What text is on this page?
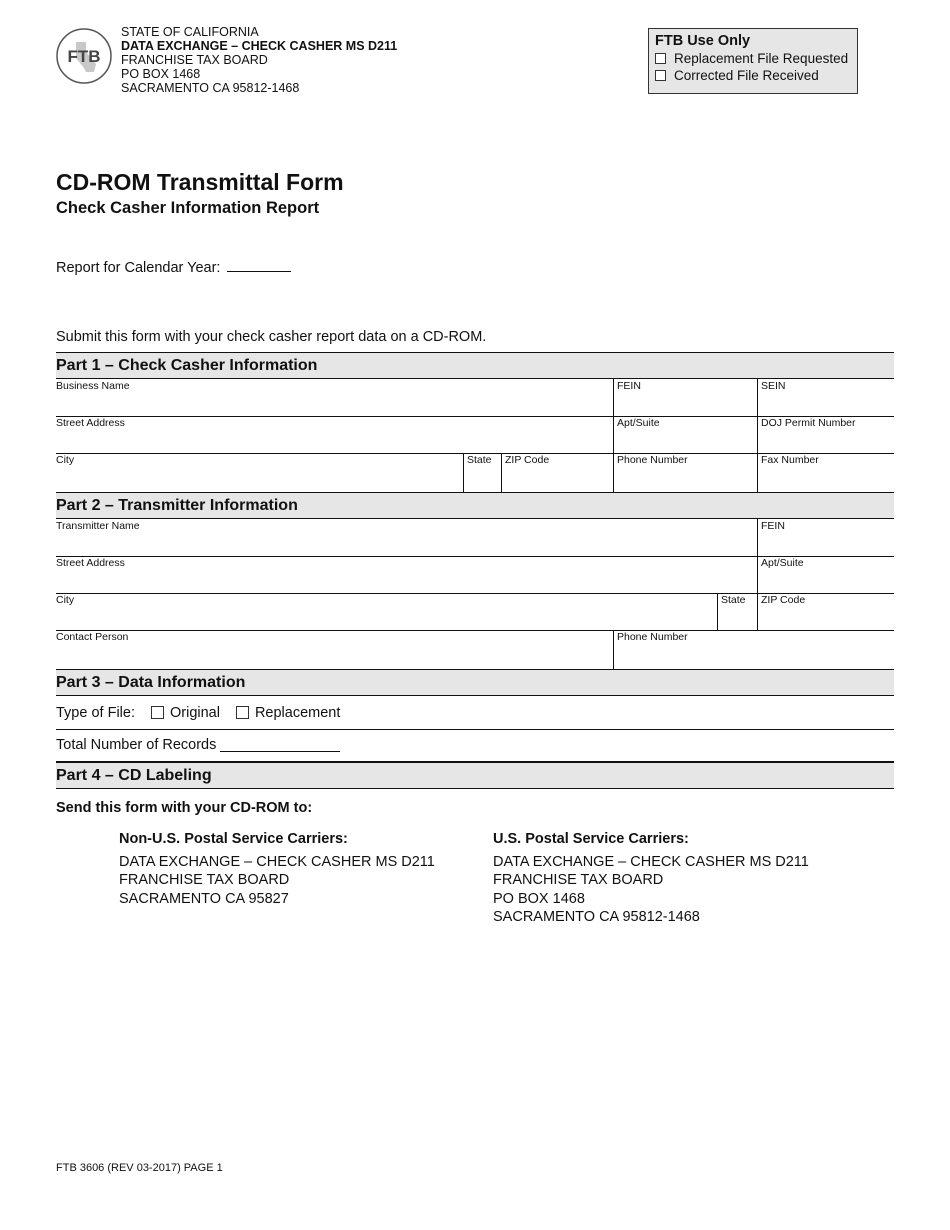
FTB
STATE OF CALIFORNIA
DATA EXCHANGE – CHECK CASHER MS D211
FRANCHISE TAX BOARD
PO BOX 1468
SACRAMENTO CA 95812-1468
FTB Use Only
Replacement File Requested
Corrected File Received
CD-ROM Transmittal Form
Check Casher Information Report
Report for Calendar Year:
Submit this form with your check casher report data on a CD-ROM.
Part 1 – Check Casher Information
Business Name	FEIN	SEIN
Street Address	Apt/Suite	DOJ Permit Number
City	State	ZIP Code	Phone Number	Fax Number
Part 2 – Transmitter Information
Transmitter Name	FEIN
Street Address	Apt/Suite
City	State	ZIP Code
Contact Person	Phone Number
Part 3 – Data Information
Type of File: Original Replacement
Total Number of Records
Part 4 – CD Labeling
Send this form with your CD-ROM to:
Non-U.S. Postal Service Carriers:
DATA EXCHANGE – CHECK CASHER MS D211
FRANCHISE TAX BOARD
SACRAMENTO CA 95827
U.S. Postal Service Carriers:
DATA EXCHANGE – CHECK CASHER MS D211
FRANCHISE TAX BOARD
PO BOX 1468
SACRAMENTO CA 95812-1468
FTB 3606 (REV 03-2017) PAGE 1
